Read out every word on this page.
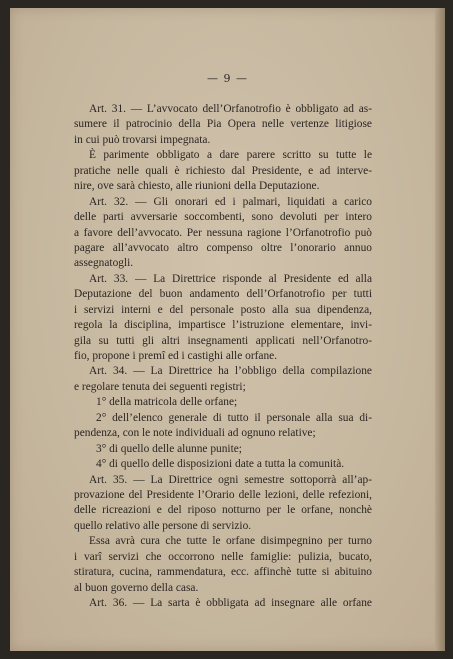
— 9 —
Art. 31. — L’avvocato dell’Orfanotrofio è obbligato ad as-
sumere il patrocinio della Pia Opera nelle vertenze litigiose
in cui può trovarsi impegnata.
È parimente obbligato a dare parere scritto su tutte le
pratiche nelle quali è richiesto dal Presidente, e ad interve-
nire, ove sarà chiesto, alle riunioni della Deputazione.
Art. 32. — Gli onorari ed i palmari, liquidati a carico
delle parti avversarie soccombenti, sono devoluti per intero
a favore dell’avvocato. Per nessuna ragione l’Orfanotrofio può
pagare all’avvocato altro compenso oltre l’onorario annuo
assegnatogli.
Art. 33. — La Direttrice risponde al Presidente ed alla
Deputazione del buon andamento dell’Orfanotrofio per tutti
i servizi interni e del personale posto alla sua dipendenza,
regola la disciplina, impartisce l’istruzione elementare, invi-
gila su tutti gli altri insegnamenti applicati nell’Orfanotro-
fio, propone i premî ed i castighi alle orfane.
Art. 34. — La Direttrice ha l’obbligo della compilazione
e regolare tenuta dei seguenti registri;
1° della matricola delle orfane;
2° dell’elenco generale di tutto il personale alla sua di-
pendenza, con le note individuali ad ognuno relative;
3° di quello delle alunne punite;
4° di quello delle disposizioni date a tutta la comunità.
Art. 35. — La Direttrice ogni semestre sottoporrà all’ap-
provazione del Presidente l’Orario delle lezioni, delle refezioni,
delle ricreazioni e del riposo notturno per le orfane, nonchè
quello relativo alle persone di servizio.
Essa avrà cura che tutte le orfane disimpegnino per turno
i varî servizi che occorrono nelle famiglie: pulizia, bucato,
stiratura, cucina, rammendatura, ecc. affinchè tutte si abituino
al buon governo della casa.
Art. 36. — La sarta è obbligata ad insegnare alle orfane
